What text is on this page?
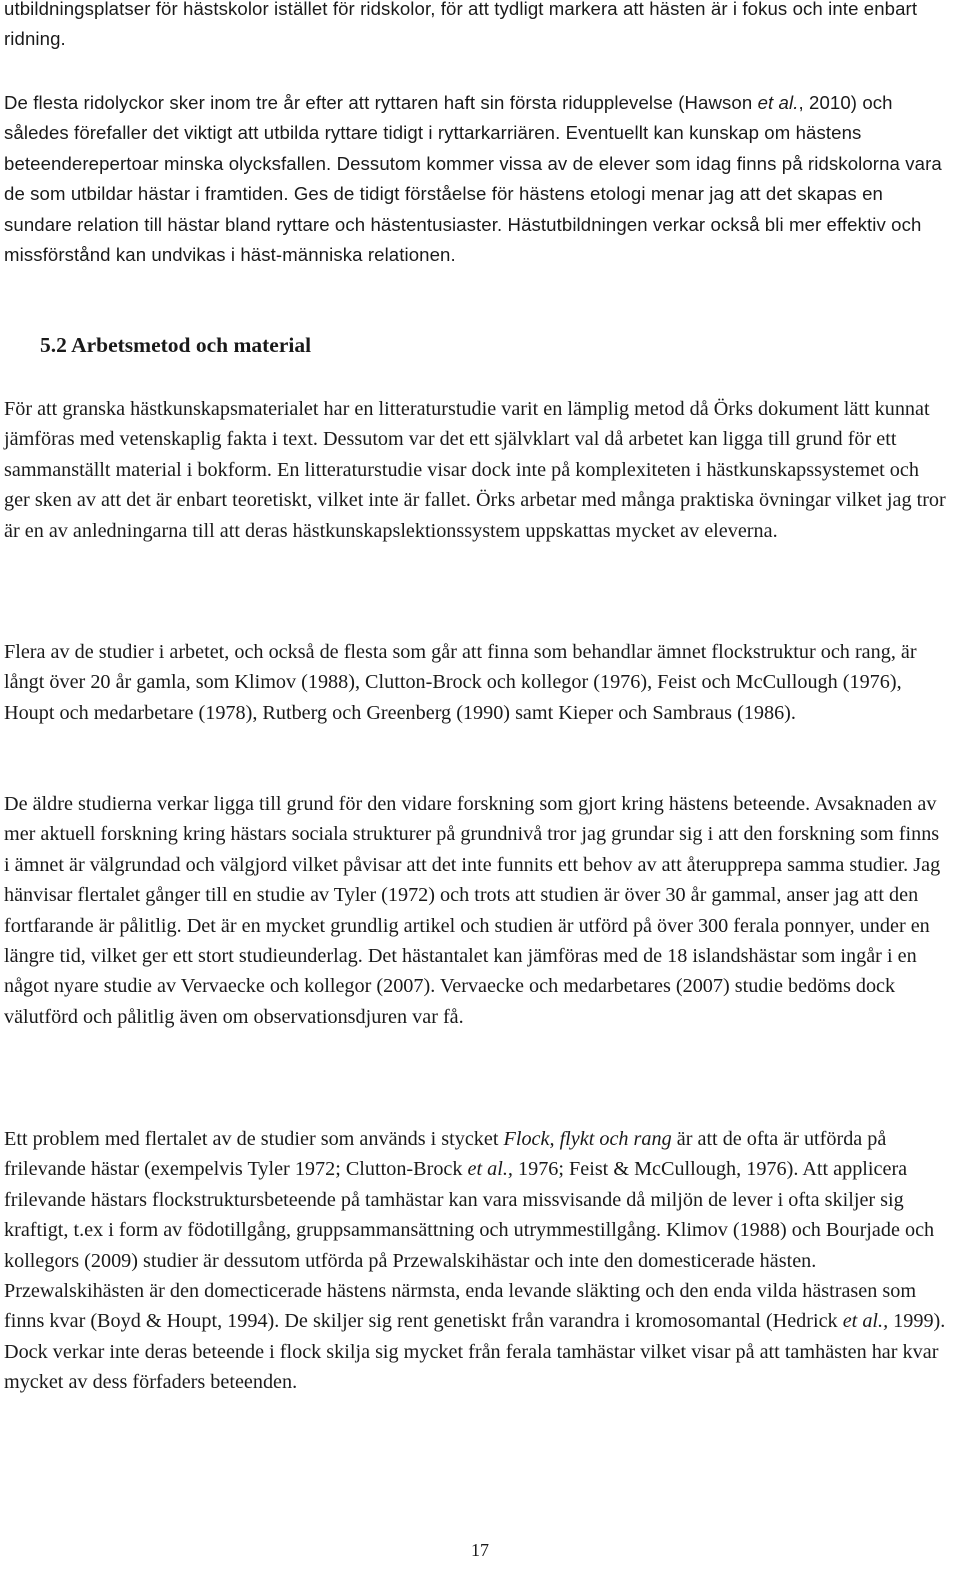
utbildningsplatser för hästskolor istället för ridskolor, för att tydligt markera att hästen är i fokus och inte enbart ridning.

De flesta ridolyckor sker inom tre år efter att ryttaren haft sin första ridupplevelse (Hawson et al., 2010) och således förefaller det viktigt att utbilda ryttare tidigt i ryttarkarriären. Eventuellt kan kunskap om hästens beteenderepertoar minska olycksfallen. Dessutom kommer vissa av de elever som idag finns på ridskolorna vara de som utbildar hästar i framtiden. Ges de tidigt förståelse för hästens etologi menar jag att det skapas en sundare relation till hästar bland ryttare och hästentusiaster. Hästutbildningen verkar också bli mer effektiv och missförstånd kan undvikas i häst-människa relationen.

5.2 Arbetsmetod och material

För att granska hästkunskapsmaterialet har en litteraturstudie varit en lämplig metod då Örks dokument lätt kunnat jämföras med vetenskaplig fakta i text. Dessutom var det ett självklart val då arbetet kan ligga till grund för ett sammanställt material i bokform. En litteraturstudie visar dock inte på komplexiteten i hästkunskapssystemet och ger sken av att det är enbart teoretiskt, vilket inte är fallet. Örks arbetar med många praktiska övningar vilket jag tror är en av anledningarna till att deras hästkunskapslektionssystem uppskattas mycket av eleverna.

Flera av de studier i arbetet, och också de flesta som går att finna som behandlar ämnet flockstruktur och rang, är långt över 20 år gamla, som Klimov (1988), Clutton-Brock och kollegor (1976), Feist och McCullough (1976), Houpt och medarbetare (1978), Rutberg och Greenberg (1990) samt Kieper och Sambraus (1986).

De äldre studierna verkar ligga till grund för den vidare forskning som gjort kring hästens beteende. Avsaknaden av mer aktuell forskning kring hästars sociala strukturer på grundnivå tror jag grundar sig i att den forskning som finns i ämnet är välgrundad och välgjord vilket påvisar att det inte funnits ett behov av att återupprepa samma studier. Jag hänvisar flertalet gånger till en studie av Tyler (1972) och trots att studien är över 30 år gammal, anser jag att den fortfarande är pålitlig. Det är en mycket grundlig artikel och studien är utförd på över 300 ferala ponnyer, under en längre tid, vilket ger ett stort studieunderlag. Det hästantalet kan jämföras med de 18 islandshästar som ingår i en något nyare studie av Vervaecke och kollegor (2007). Vervaecke och medarbetares (2007) studie bedöms dock välutförd och pålitlig även om observationsdjuren var få.

Ett problem med flertalet av de studier som används i stycket Flock, flykt och rang är att de ofta är utförda på frilevande hästar (exempelvis Tyler 1972; Clutton-Brock et al., 1976; Feist & McCullough, 1976). Att applicera frilevande hästars flockstruktursbeteende på tamhästar kan vara missvisande då miljön de lever i ofta skiljer sig kraftigt, t.ex i form av födotillgång, gruppsammansättning och utrymmestillgång. Klimov (1988) och Bourjade och kollegors (2009) studier är dessutom utförda på Przewalskihästar och inte den domesticerade hästen. Przewalskihästen är den domecticerade hästens närmsta, enda levande släkting och den enda vilda hästrasen som finns kvar (Boyd & Houpt, 1994). De skiljer sig rent genetiskt från varandra i kromosomantal (Hedrick et al., 1999). Dock verkar inte deras beteende i flock skilja sig mycket från ferala tamhästar vilket visar på att tamhästen har kvar mycket av dess förfaders beteenden.

17
